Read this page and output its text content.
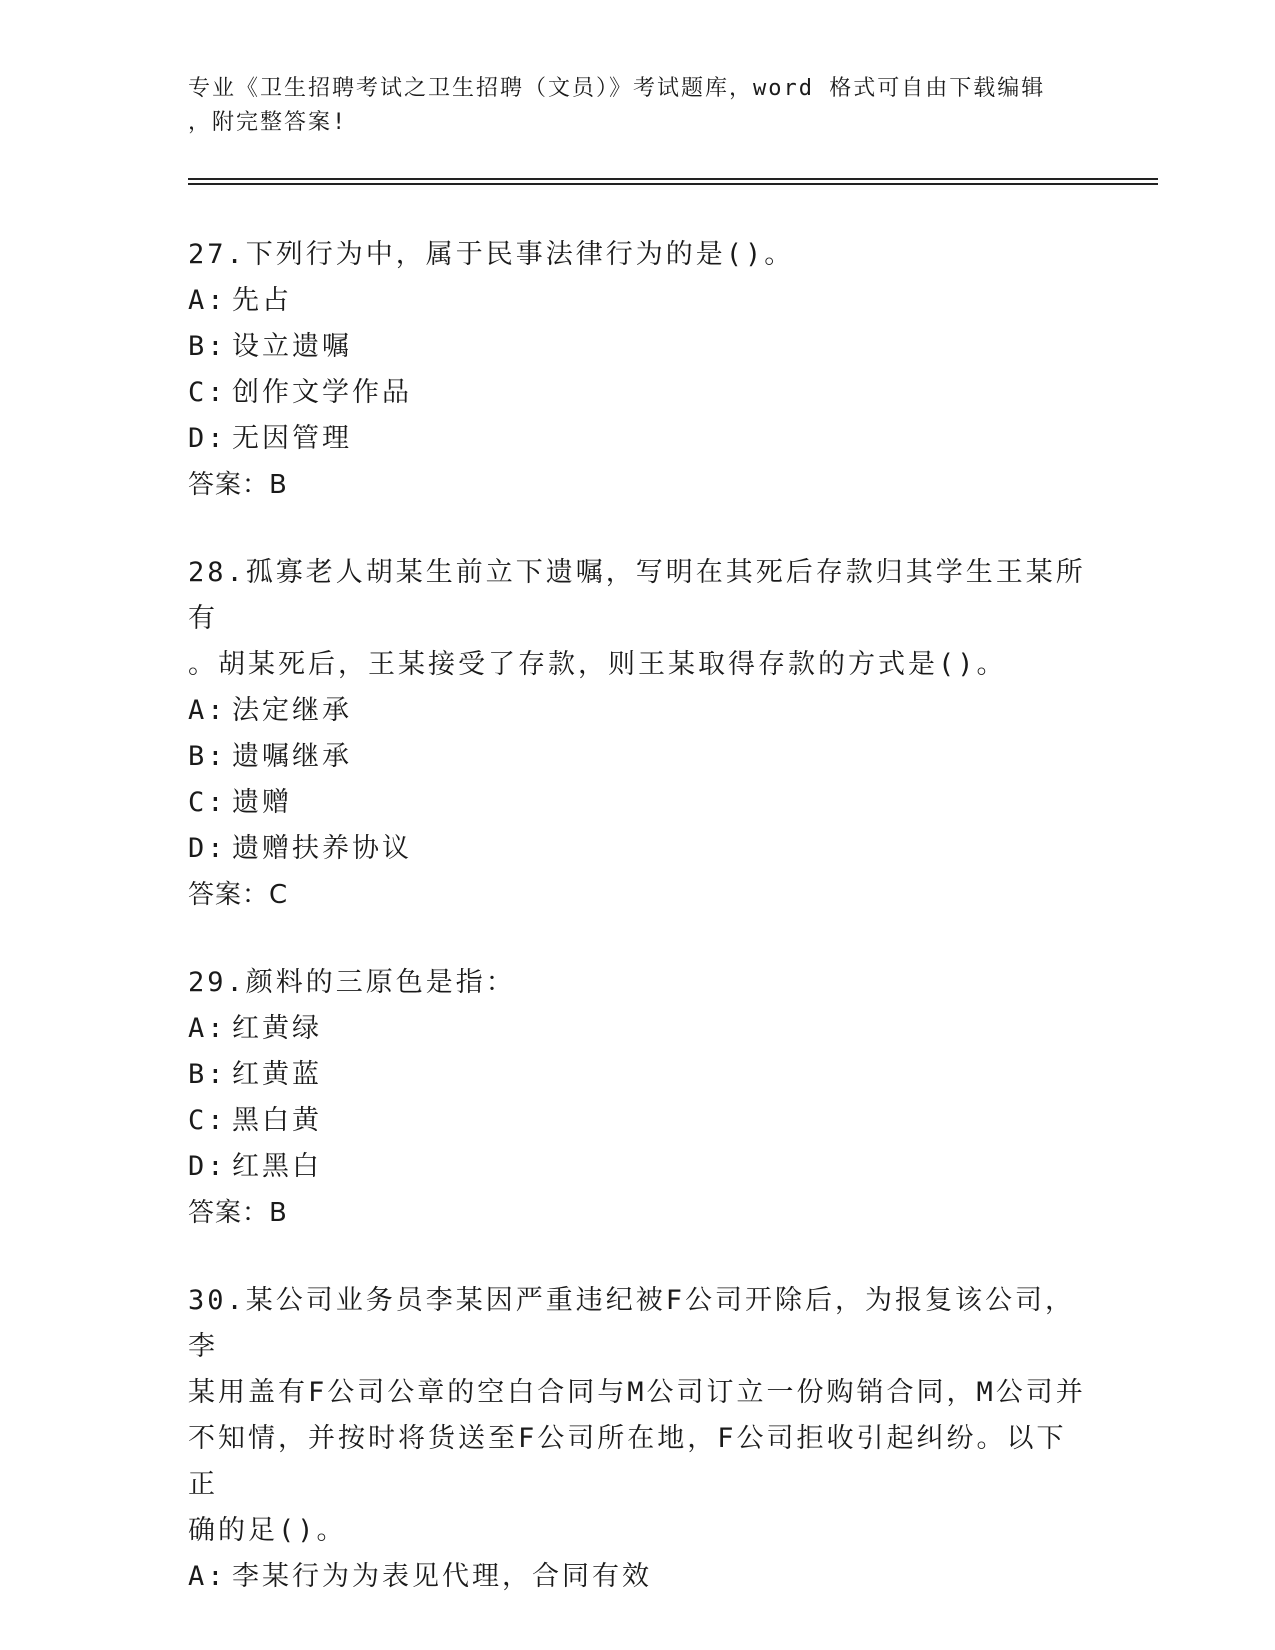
专业《卫生招聘考试之卫生招聘（文员）》考试题库，word 格式可自由下载编辑
，附完整答案!
27.下列行为中，属于民事法律行为的是()。
A: 先占
B: 设立遗嘱
C: 创作文学作品
D: 无因管理
答案：B
28.孤寡老人胡某生前立下遗嘱，写明在其死后存款归其学生王某所有
。胡某死后，王某接受了存款，则王某取得存款的方式是()。
A: 法定继承
B: 遗嘱继承
C: 遗赠
D: 遗赠扶养协议
答案：C
29.颜料的三原色是指：
A: 红黄绿
B: 红黄蓝
C: 黑白黄
D: 红黑白
答案：B
30.某公司业务员李某因严重违纪被F公司开除后，为报复该公司，李
某用盖有F公司公章的空白合同与M公司订立一份购销合同，M公司并
不知情，并按时将货送至F公司所在地，F公司拒收引起纠纷。以下正
确的足()。
A: 李某行为为表见代理，合同有效
